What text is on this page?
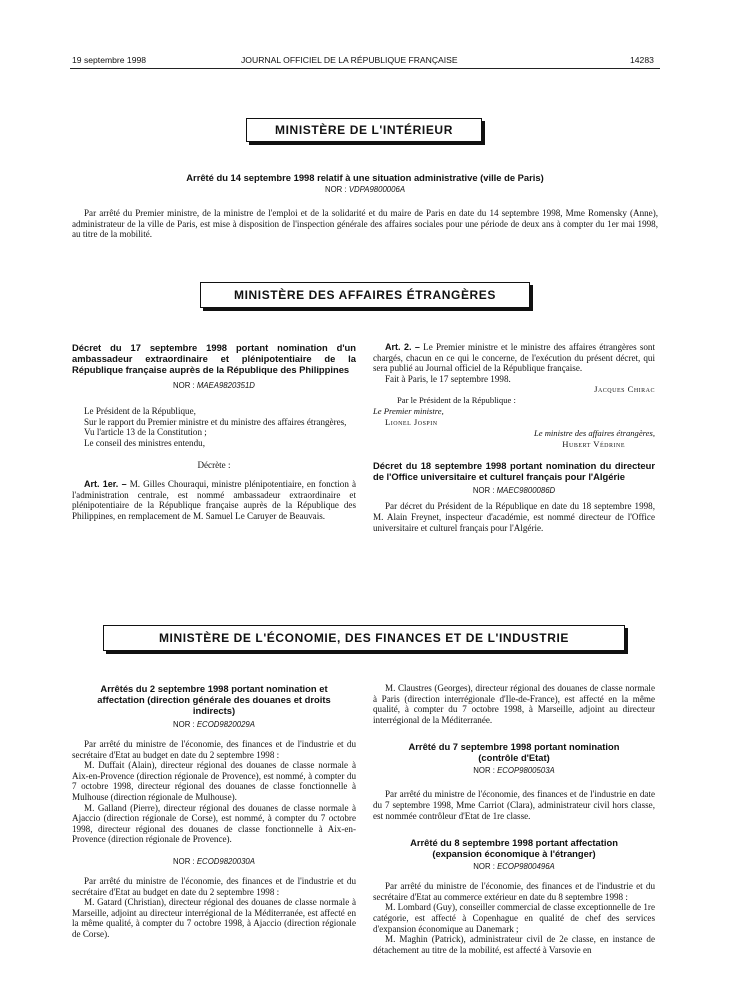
19 septembre 1998	JOURNAL OFFICIEL DE LA RÉPUBLIQUE FRANÇAISE	14283
MINISTÈRE DE L'INTÉRIEUR
Arrêté du 14 septembre 1998 relatif à une situation administrative (ville de Paris)
NOR : VDPA9800006A

Par arrêté du Premier ministre, de la ministre de l'emploi et de la solidarité et du maire de Paris en date du 14 septembre 1998, Mme Romensky (Anne), administrateur de la ville de Paris, est mise à disposition de l'inspection générale des affaires sociales pour une période de deux ans à compter du 1er mai 1998, au titre de la mobilité.

MINISTÈRE DES AFFAIRES ÉTRANGÈRES
Décret du 17 septembre 1998 portant nomination d'un ambassadeur extraordinaire et plénipotentiaire de la République française auprès de la République des Philippines
NOR : MAEA9820351D

Le Président de la République,

Sur le rapport du Premier ministre et du ministre des affaires étrangères,

Vu l'article 13 de la Constitution ;

Le conseil des ministres entendu,

Décrète :

Art. 1er. – M. Gilles Chouraqui, ministre plénipotentiaire, en fonction à l'administration centrale, est nommé ambassadeur extraordinaire et plénipotentiaire de la République française auprès de la République des Philippines, en remplacement de M. Samuel Le Caruyer de Beauvais.

Art. 2. – Le Premier ministre et le ministre des affaires étrangères sont chargés, chacun en ce qui le concerne, de l'exécution du présent décret, qui sera publié au Journal officiel de la République française.

Fait à Paris, le 17 septembre 1998.

Jacques Chirac
Par le Président de la République :
Le Premier ministre,
Lionel Jospin
Le ministre des affaires étrangères,
Hubert Védrine
Décret du 18 septembre 1998 portant nomination du directeur de l'Office universitaire et culturel français pour l'Algérie
NOR : MAEC9800086D

Par décret du Président de la République en date du 18 septembre 1998, M. Alain Freynet, inspecteur d'académie, est nommé directeur de l'Office universitaire et culturel français pour l'Algérie.

MINISTÈRE DE L'ÉCONOMIE, DES FINANCES ET DE L'INDUSTRIE
Arrêtés du 2 septembre 1998 portant nomination et affectation (direction générale des douanes et droits indirects)
NOR : ECOD9820029A

Par arrêté du ministre de l'économie, des finances et de l'industrie et du secrétaire d'Etat au budget en date du 2 septembre 1998 :

M. Duffait (Alain), directeur régional des douanes de classe normale à Aix-en-Provence (direction régionale de Provence), est nommé, à compter du 7 octobre 1998, directeur régional des douanes de classe fonctionnelle à Mulhouse (direction régionale de Mulhouse).

M. Galland (Pierre), directeur régional des douanes de classe normale à Ajaccio (direction régionale de Corse), est nommé, à compter du 7 octobre 1998, directeur régional des douanes de classe fonctionnelle à Aix-en-Provence (direction régionale de Provence).

NOR : ECOD9820030A

Par arrêté du ministre de l'économie, des finances et de l'industrie et du secrétaire d'Etat au budget en date du 2 septembre 1998 :

M. Gatard (Christian), directeur régional des douanes de classe normale à Marseille, adjoint au directeur interrégional de la Méditerranée, est affecté en la même qualité, à compter du 7 octobre 1998, à Ajaccio (direction régionale de Corse).

M. Claustres (Georges), directeur régional des douanes de classe normale à Paris (direction interrégionale d'Ile-de-France), est affecté en la même qualité, à compter du 7 octobre 1998, à Marseille, adjoint au directeur interrégional de la Méditerranée.

Arrêté du 7 septembre 1998 portant nomination (contrôle d'Etat)
NOR : ECOP9800503A

Par arrêté du ministre de l'économie, des finances et de l'industrie en date du 7 septembre 1998, Mme Carriot (Clara), administrateur civil hors classe, est nommée contrôleur d'Etat de 1re classe.

Arrêté du 8 septembre 1998 portant affectation (expansion économique à l'étranger)
NOR : ECOP9800496A

Par arrêté du ministre de l'économie, des finances et de l'industrie et du secrétaire d'Etat au commerce extérieur en date du 8 septembre 1998 :

M. Lombard (Guy), conseiller commercial de classe exceptionnelle de 1re catégorie, est affecté à Copenhague en qualité de chef des services d'expansion économique au Danemark ;

M. Maghin (Patrick), administrateur civil de 2e classe, en instance de détachement au titre de la mobilité, est affecté à Varsovie en
